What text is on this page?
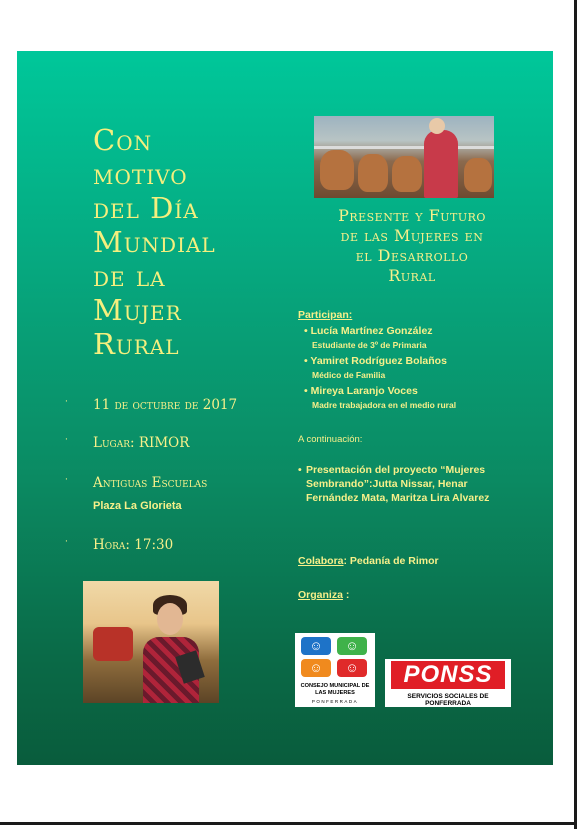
Con
motivo
del Día
Mundial
de la
Mujer
Rural
Presente y Futuro
de las Mujeres en
el Desarrollo
Rural
Participan:
• Lucía Martínez González
Estudiante de 3º de Primaria
• Yamiret Rodríguez Bolaños
Médico de Familia
• Mireya Laranjo Voces
Madre trabajadora en el medio rural
A continuación:
• Presentación del proyecto “Mujeres Sembrando”:Jutta Nissar, Henar Fernández Mata, Maritza Lira Alvarez
Colabora: Pedanía de Rimor
Organiza :
· 11 de octubre de 2017
· Lugar: RIMOR
· Antiguas Escuelas
Plaza La Glorieta
· Hora: 17:30
☺	☺
☺	☺
CONSEJO MUNICIPAL DE LAS MUJERES
PONFERRADA
PONSS
SERVICIOS SOCIALES DE PONFERRADA
